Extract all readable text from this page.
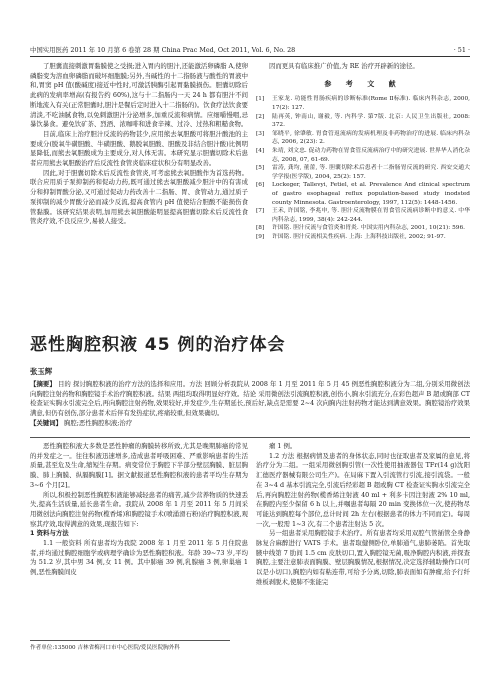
中国实用医药 2011 年 10 月第 6 卷第 28 期 China Prac Med, Oct 2011, Vol. 6, No. 28	· 51 ·

了胆囊直接刺激胃黏膜使之受损;进入胃内的胆汁,还能激活卵磷脂 A,使卵磷脂变为溶血卵磷脂而破坏细胞膜;另外,当碱性的十二指肠液与酸性的胃液中和,胃窦 pH 值(酸碱度)接近中性时,可激活胰酶引起胃黏膜损伤。胆囊切除后此病的发病率增高(有报告约 60%),这与十二指肠内一天 24 h 都有胆汁不间断地流入有关(正常胆囊时,胆汁是餐后定时进入十二指肠的)。饮食疗法饮食要清淡,不吃油腻食物,以免刺激胆汁分泌增多,加重反流和病情。应细嚼慢咽,忌暴饮暴食。避免饮矿茶、烈酒、浓咖啡和进食辛辣、过冷、过热和粗糙食物。

目前,临床上治疗胆汁反流的药物甚少,应用熊去氧胆酸可将胆汁酸池的主要成分(脱氧牛磺胆酸、牛磺胆酸、鹅脱氧胆酸、胆酸及非结合胆汁酸)比例明显降低,而熊去氧胆酸成为主要成分,对人体无害。本研究显示胆囊切除术后患者应用熊去氧胆酸治疗后反流性食管炎临床症状积分有明显改善。

因此,对于胆囊切除术后反流性食管炎,可考虑熊去氧胆酸作为首选药物。联合应用质子泵抑制药和促动力药,既可通过熊去氧胆酸减少胆汁中的有害成分和抑制胃酸分泌,又可通过促动力药改善十二指肠、胃、食管动力,通过质子泵抑制的减少胃酸分泌而减少反流,提高食管内 pH 值使结合胆酸不能损伤食管黏膜。该研究结果表明,加用熊去氧胆酸能明显提高胆囊切除术后反流性食管炎疗效,不良反应少,易被人接受。

因而更具有临床推广价值,为 RE 治疗开辟新的途径。

参 考 文 献
[1]	王家龙. 功能性胃肠疾病的诊断标准(Rome Ⅱ标准). 临床内科杂志, 2000, 17(2): 127.
[2]	陆再英, 钟南山, 谢毅, 等. 内科学. 第7版. 北京: 人民卫生出版社, 2008: 372.
[3]	邹晓平, 徐肇敏. 胃食管返流病的发病机理及非药物治疗的进展. 临床内科杂志, 2006, 2(23): 2.
[4]	朱靖, 刘文忠. 促动力药物在胃食管反流病治疗中的研究进展. 世界华人消化杂志, 2008, 07, 61-69.
[5]	雷涛, 龚均, 董蕾, 等. 胆囊切除术后患者十二指肠胃反流的研究. 西安交通大学学报(医学版), 2004, 25(2): 157.
[6]	Lockeger, Tallevyi, Fetiel, et al. Prevalence And clinical spectrum of gastro esophageal reflux population-based study inodsted county Minnesota. Gastroenterology, 1997, 112(5): 1448-1456.
[7]	王禾, 许国铭, 李兆申, 等. 胆汁反流物膜在胃食管反流病诊断中的意义. 中华内科杂志, 1999, 38(4): 242-244.
[8]	许国铭. 胆汁反流与食管炎和胃炎. 中国实用内科杂志, 2001, 10(21): 596.
[9]	许国铭. 胆汁反流相关性疾病. 上海: 上海科技出版社, 2002; 91-97.
恶性胸腔积液 45 例的治疗体会
张玉辉
【摘要】 目的 探讨胸腔积液的治疗方法的选择和应用。方法 回顾分析我院从 2008 年 1 月至 2011 年 5 月 45 例恶性胸腔积液分为二组,分别采用微创法向胸腔注射药物和胸腔镜手术治疗胸腔积液。结果 两组均取得明显好疗效。结论 采用微创法引流胸腔积液,创伤小,胸水引流充分,在彩色超声 B 超或胸部 CT 检查证实胸水引流完全后,再向胸腔注射药物,效果较好,并发症少,生存期延长,预后好,缺点是需要 2~4 次向胸内注射药物才能达到满意效果。胸腔镜治疗效果满意,但仍有创伤,部分患者术后伴有发热症状,疼痛较重,但效果确切。
【关键词】 胸腔;恶性胸腔积液;治疗

恶性胸腔积液大多数是恶性肿瘤的胸膜转移所致,尤其是晚期肺癌的常见的并发症之一。往往积液迅速增多,造成患者呼吸困难、严重影响患者的生活质量,甚至危及生命,缩短生存期。病变常位于胸腔下半部分壁层胸膜、脏层胸膜、肺上胸膜、纵膈胸膜[1]。据文献报道恶性胸腔积液的患者平均生存期为 3~6 个月[2]。

所以,积极控制恶性胸腔积液能够减轻患者的痛苦,减少营养物质的快速丢失,提高生活质量,延长患者生命。我院从 2008 年 1 月至 2011 年 5 月间采用微创法向胸腔注射药物(榄香烯)和胸腔镜手术(喷涌滑石粉)治疗胸腔积液,观察其疗效,取得满意的效果,现报告如下:

1 资料与方法

1.1 一般资料 所有患者均为我院 2008 年 1 月至 2011 年 5 月住院患者,并均通过胸腔细胞学或病理学确诊为恶性胸腔积液。年龄 39~73 岁,平均为 51.2 岁,其中男 34 例,女 11 例。其中肺癌 39 例,乳腺癌 3 例,卵巢癌 1 例,恶性胸膜间皮

瘤 1 例。

1.2 方法 根据病情及患者的身体状态,同时也征取患者及家属的意见,将治疗分为二组。一组采用微创胸引管(一次性使用抽液器包 TFr(14 g)沈阳汇德医疗器械有限公司生产)。在局麻下置入引流管行引流,接引流袋。一般在 3~4 d 基本引流完全,引流后经彩超 B 超或胸 CT 检查证实胸水引流完全后,再向胸腔注射药物(榄香烯注射液 40 ml + 利多卡因注射液 2% 10 ml,在胸腔内至少保留 6 h 以上,并嘱患者每隔 20 min 变换体位一次,使药物尽可能达到胸腔每个部位,总计时间 2h 左右(根据患者的体力不同而定)。每周一次,一般需 1~3 次,有二个患者注射达 5 次。

另一组患者采用胸腔镜手术治疗。所有患者均采用双腔气管插管全身静脉复合麻醉进行 VATS 手术。患者取健侧卧位,单肺通气,患肺萎陷。首先取腋中线第 7 肋间 1.5 cm 皮肤切口,置入胸腔镜无菌,吸净胸腔内积液,并探查胸腔,主要注意肺表面胸膜、壁层胸膜情况,根据情况,决定选择辅助操作口(可以是小切口),胸腔内如有粘连带,可给予分离,切除,肺表面如有肿瘤,给予行纤维板剥脱术,使肺不张能完

作者单位:135000 吉林省梅河口市中心医院/爱民医院胸外科
